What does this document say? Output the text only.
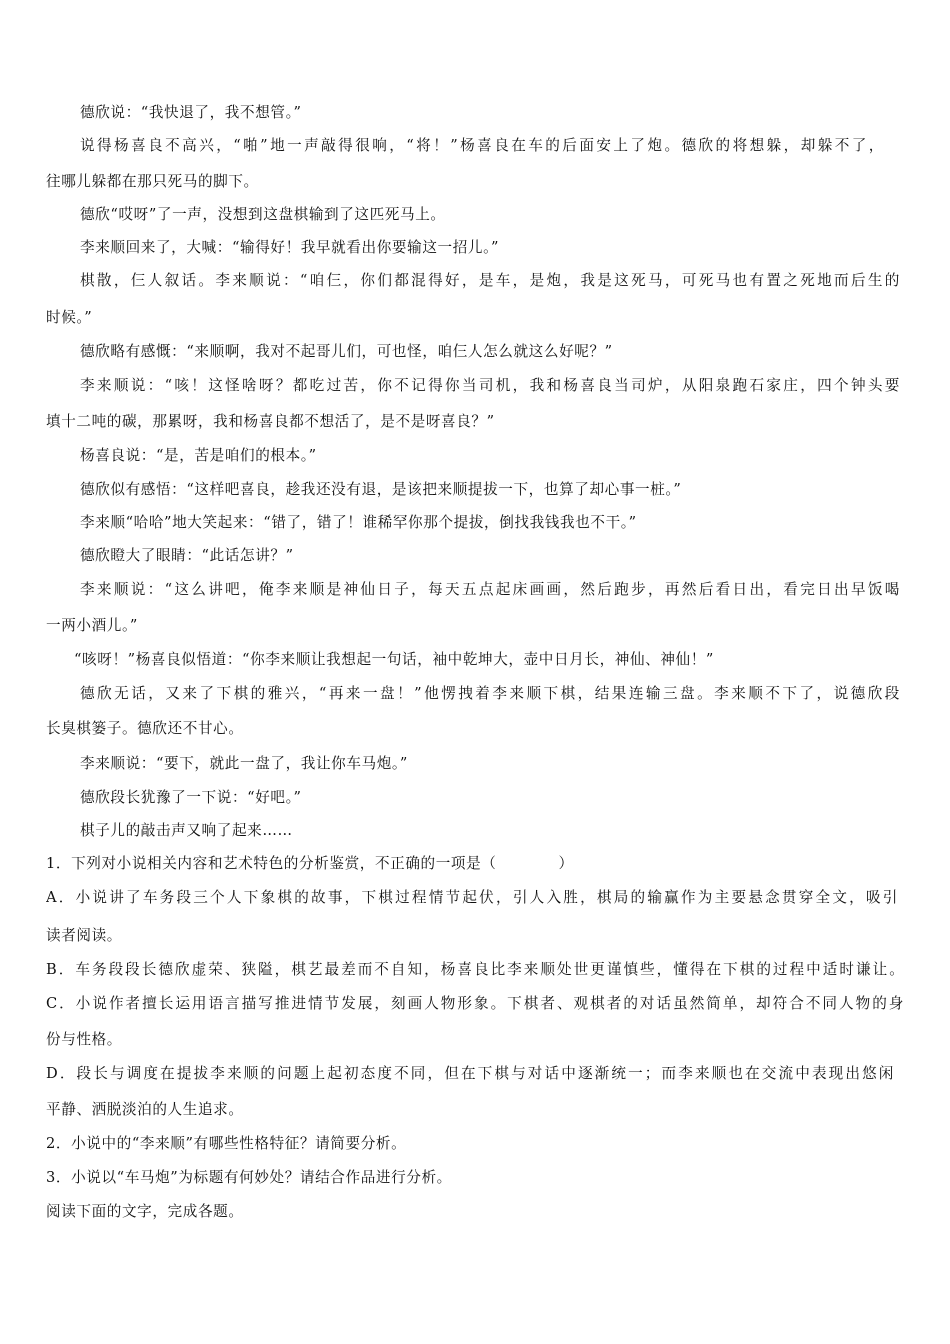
德欣说：“我快退了，我不想管。”
说得杨喜良不高兴，“啪”地一声敲得很响，“将！”杨喜良在车的后面安上了炮。德欣的将想躲，却躲不了，
往哪儿躲都在那只死马的脚下。
德欣“哎呀”了一声，没想到这盘棋输到了这匹死马上。
李来顺回来了，大喊：“输得好！我早就看出你要输这一招儿。”
棋散，仨人叙话。李来顺说：“咱仨，你们都混得好，是车，是炮，我是这死马，可死马也有置之死地而后生的
时候。”
德欣略有感慨：“来顺啊，我对不起哥儿们，可也怪，咱仨人怎么就这么好呢？”
李来顺说：“咳！这怪啥呀？都吃过苦，你不记得你当司机，我和杨喜良当司炉，从阳泉跑石家庄，四个钟头要
填十二吨的碳，那累呀，我和杨喜良都不想活了，是不是呀喜良？”
杨喜良说：“是，苦是咱们的根本。”
德欣似有感悟：“这样吧喜良，趁我还没有退，是该把来顺提拔一下，也算了却心事一桩。”
李来顺“哈哈”地大笑起来：“错了，错了！谁稀罕你那个提拔，倒找我钱我也不干。”
德欣瞪大了眼睛：“此话怎讲？”
李来顺说：“这么讲吧，俺李来顺是神仙日子，每天五点起床画画，然后跑步，再然后看日出，看完日出早饭喝
一两小酒儿。”
“咳呀！”杨喜良似悟道：“你李来顺让我想起一句话，袖中乾坤大，壶中日月长，神仙、神仙！”
德欣无话，又来了下棋的雅兴，“再来一盘！”他愣拽着李来顺下棋，结果连输三盘。李来顺不下了，说德欣段
长臭棋篓子。德欣还不甘心。
李来顺说：“要下，就此一盘了，我让你车马炮。”
德欣段长犹豫了一下说：“好吧。”
棋子儿的敲击声又响了起来……
1．下列对小说相关内容和艺术特色的分析鉴赏，不正确的一项是（	）
A．小说讲了车务段三个人下象棋的故事，下棋过程情节起伏，引人入胜，棋局的输赢作为主要悬念贯穿全文，吸引
读者阅读。
B．车务段段长德欣虚荣、狭隘，棋艺最差而不自知，杨喜良比李来顺处世更谨慎些，懂得在下棋的过程中适时谦让。
C．小说作者擅长运用语言描写推进情节发展，刻画人物形象。下棋者、观棋者的对话虽然简单，却符合不同人物的身
份与性格。
D．段长与调度在提拔李来顺的问题上起初态度不同，但在下棋与对话中逐渐统一；而李来顺也在交流中表现出悠闲
平静、洒脱淡泊的人生追求。
2．小说中的“李来顺”有哪些性格特征？请简要分析。
3．小说以“车马炮”为标题有何妙处？请结合作品进行分析。
阅读下面的文字，完成各题。
